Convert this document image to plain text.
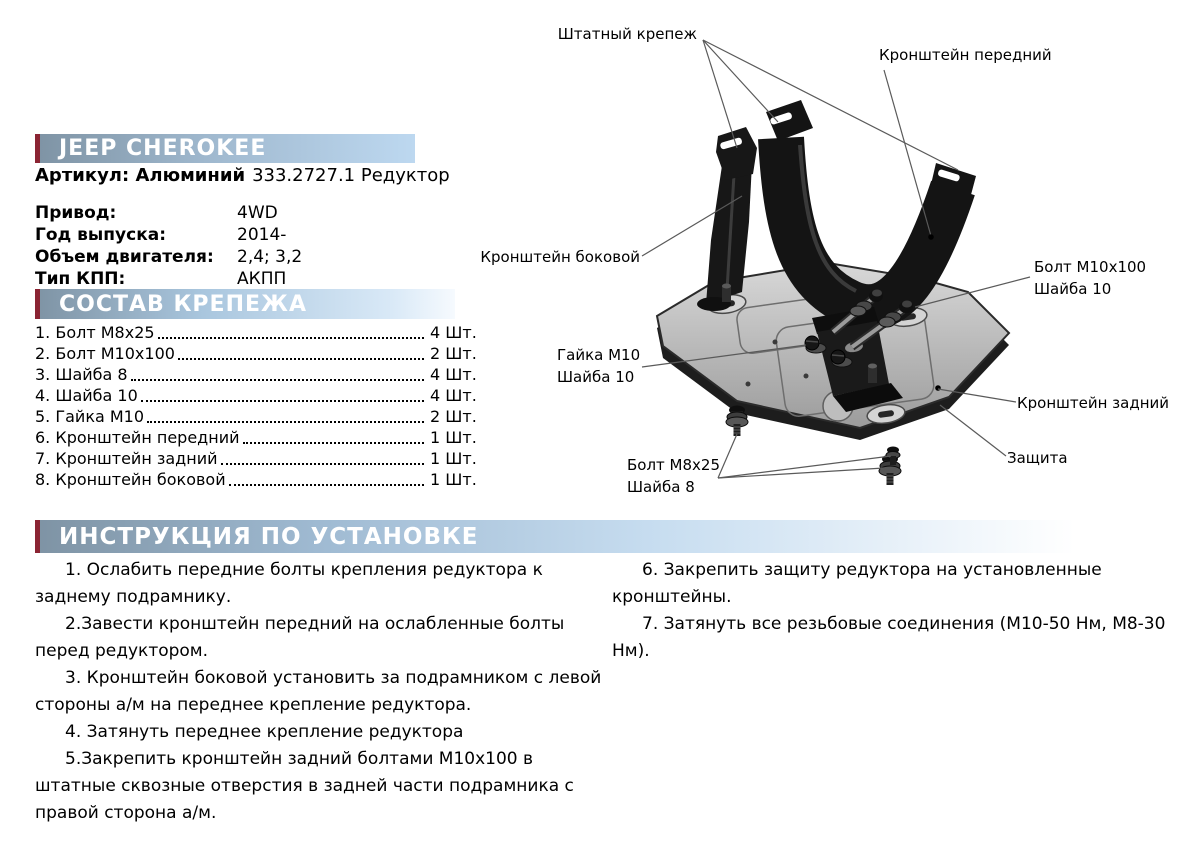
Штатный крепеж
Кронштейн передний
Кронштейн боковой
Болт М10х100
Шайба 10
Гайка М10
Шайба 10
Кронштейн задний
Защита
Болт М8х25
Шайба 8
JEEP CHEROKEE
Артикул: Алюминий 333.2727.1 Редуктор
Привод:	4WD
Год выпуска:	2014-
Объем двигателя:	2,4; 3,2
Тип КПП:	АКПП
СОСТАВ КРЕПЕЖА
1. Болт М8х25	4 Шт.
2. Болт М10х100	2 Шт.
3. Шайба 8	4 Шт.
4. Шайба 10	4 Шт.
5. Гайка М10	2 Шт.
6. Кронштейн передний	1 Шт.
7. Кронштейн задний	1 Шт.
8. Кронштейн боковой	1 Шт.
ИНСТРУКЦИЯ ПО УСТАНОВКЕ

1. Ослабить передние болты крепления редуктора к заднему подрамнику.

2.Завести кронштейн передний на ослабленные болты перед редуктором.

3. Кронштейн боковой установить за подрамником с левой стороны а/м на переднее крепление редуктора.

4. Затянуть переднее крепление редуктора

5.Закрепить кронштейн задний болтами М10х100 в штатные сквозные отверстия в задней части подрамника с правой сторона а/м.

6. Закрепить защиту редуктора на установленные кронштейны.

7. Затянуть все резьбовые соединения (М10-50 Нм, М8-30 Нм).
